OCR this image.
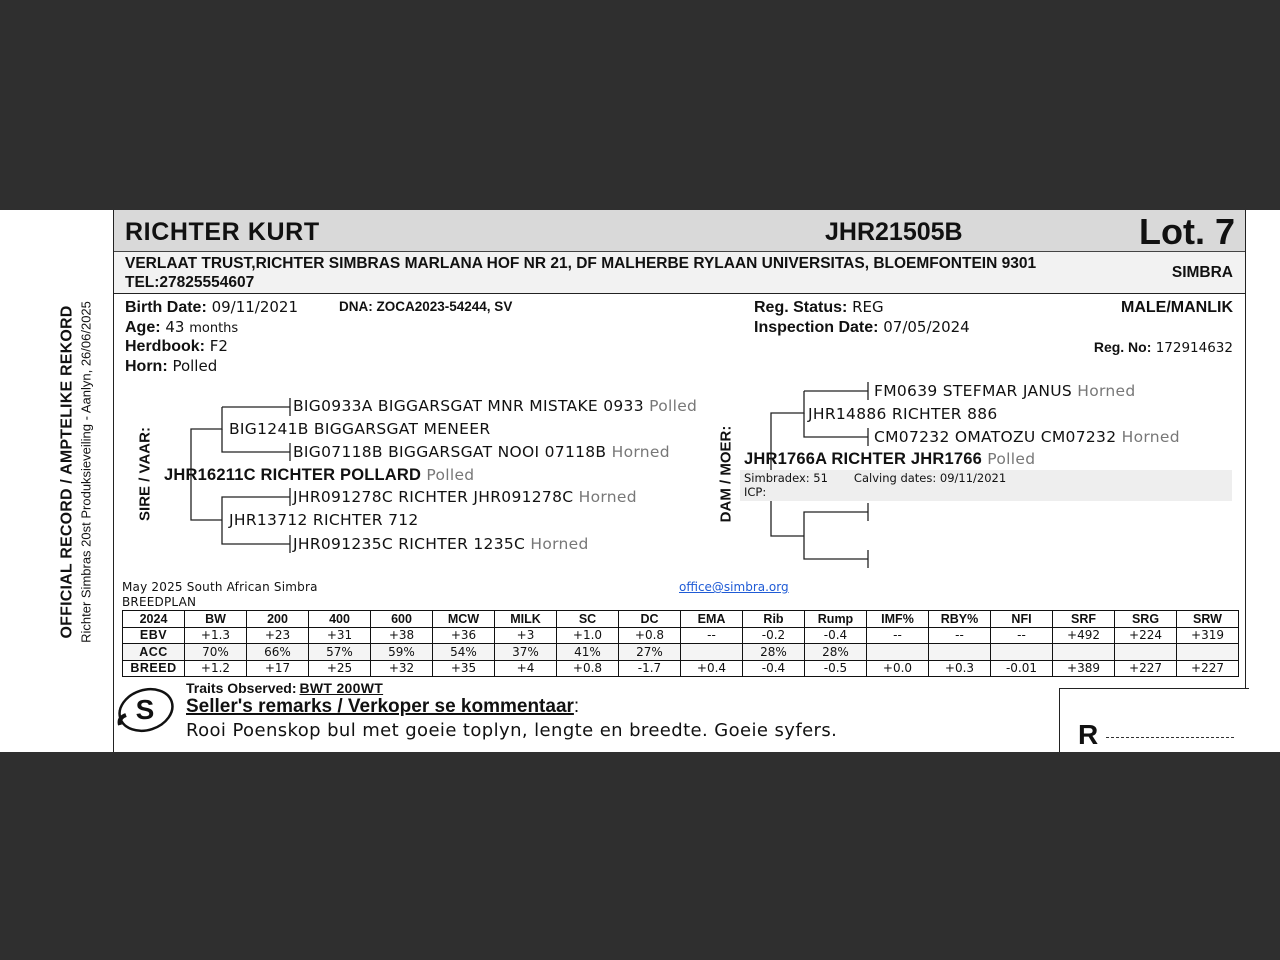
OFFICIAL RECORD / AMPTELIKE REKORD Richter Simbras 20st Produksieveiling - Aanlyn, 26/06/2025
RICHTER KURT	JHR21505B	Lot. 7
VERLAAT TRUST,RICHTER SIMBRAS MARLANA HOF NR 21, DF MALHERBE RYLAAN UNIVERSITAS, BLOEMFONTEIN 9301 TEL:27825554607
SIMBRA
Birth Date: 09/11/2021	DNA: ZOCA2023-54244, SV
Age: 43 months
Herdbook: F2
Horn: Polled
Reg. Status: REG
Inspection Date: 07/05/2024
MALE/MANLIK
Reg. No: 172914632
SIRE / VAAR:	DAM / MOER:
BIG0933A BIGGARSGAT MNR MISTAKE 0933 Polled
BIG1241B BIGGARSGAT MENEER
BIG07118B BIGGARSGAT NOOI 07118B Horned
JHR16211C RICHTER POLLARD Polled
JHR091278C RICHTER JHR091278C Horned
JHR13712 RICHTER 712
JHR091235C RICHTER 1235C Horned
FM0639 STEFMAR JANUS Horned
JHR14886 RICHTER 886
CM07232 OMATOZU CM07232 Horned
JHR1766A RICHTER JHR1766 Polled
Simbradex: 51 Calving dates: 09/11/2021
ICP:
May 2025 South African Simbra
BREEDPLAN
office@simbra.org
2024	BW	200	400	600	MCW	MILK	SC	DC	EMA	Rib	Rump	IMF%	RBY%	NFI	SRF	SRG	SRW
EBV	+1.3	+23	+31	+38	+36	+3	+1.0	+0.8	--	-0.2	-0.4	--	--	--	+492	+224	+319
ACC	70%	66%	57%	59%	54%	37%	41%	27%		28%	28%						
BREED	+1.2	+17	+25	+32	+35	+4	+0.8	-1.7	+0.4	-0.4	-0.5	+0.0	+0.3	-0.01	+389	+227	+227
S
Traits Observed: BWT 200WT
Seller's remarks / Verkoper se kommentaar:
Rooi Poenskop bul met goeie toplyn, lengte en breedte. Goeie syfers.	R
